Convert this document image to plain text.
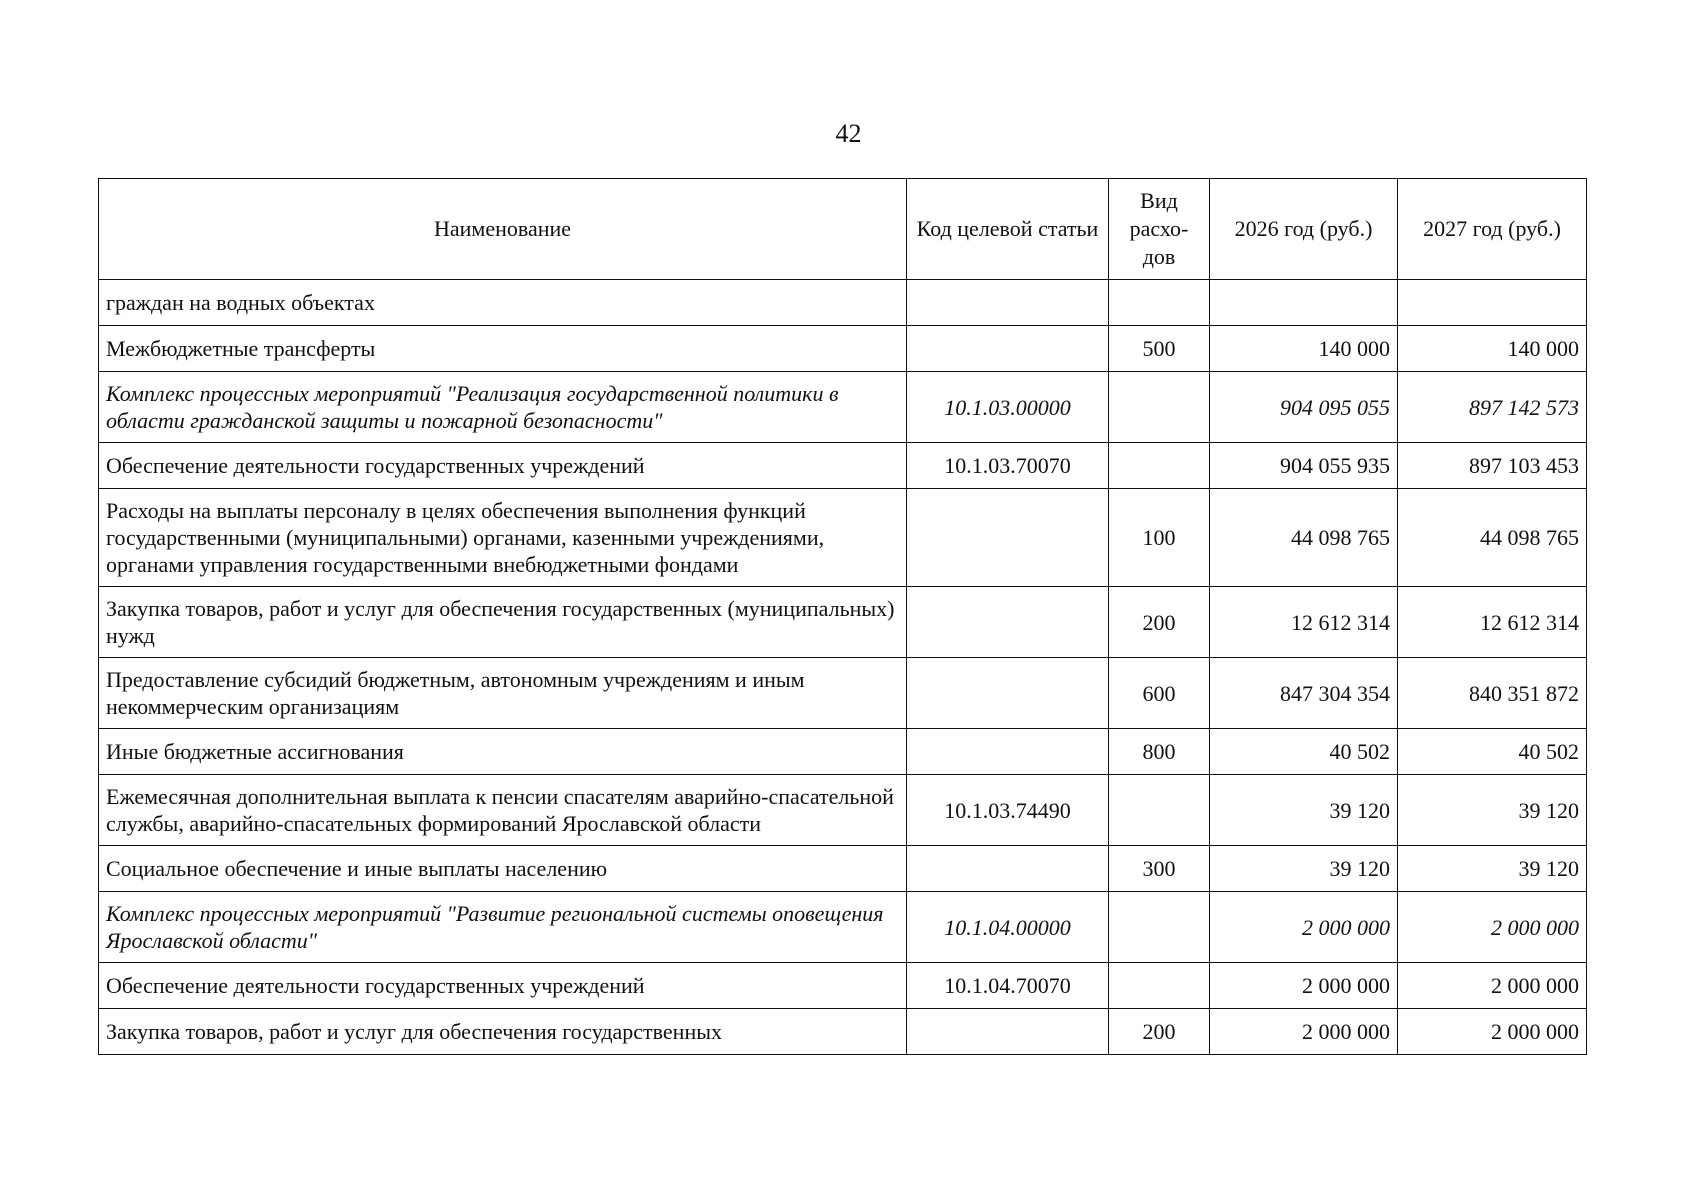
42
Наименование	Код целевой статьи	Вид расхо-дов	2026 год (руб.)	2027 год (руб.)
граждан на водных объектах				
Межбюджетные трансферты		500	140 000	140 000
Комплекс процессных мероприятий "Реализация государственной политики в области гражданской защиты и пожарной безопасности"	10.1.03.00000		904 095 055	897 142 573
Обеспечение деятельности государственных учреждений	10.1.03.70070		904 055 935	897 103 453
Расходы на выплаты персоналу в целях обеспечения выполнения функций государственными (муниципальными) органами, казенными учреждениями, органами управления государственными внебюджетными фондами		100	44 098 765	44 098 765
Закупка товаров, работ и услуг для обеспечения государственных (муниципальных) нужд		200	12 612 314	12 612 314
Предоставление субсидий бюджетным, автономным учреждениям и иным некоммерческим организациям		600	847 304 354	840 351 872
Иные бюджетные ассигнования		800	40 502	40 502
Ежемесячная дополнительная выплата к пенсии спасателям аварийно-спасательной службы, аварийно-спасательных формирований Ярославской области	10.1.03.74490		39 120	39 120
Социальное обеспечение и иные выплаты населению		300	39 120	39 120
Комплекс процессных мероприятий "Развитие региональной системы оповещения Ярославской области"	10.1.04.00000		2 000 000	2 000 000
Обеспечение деятельности государственных учреждений	10.1.04.70070		2 000 000	2 000 000
Закупка товаров, работ и услуг для обеспечения государственных		200	2 000 000	2 000 000
